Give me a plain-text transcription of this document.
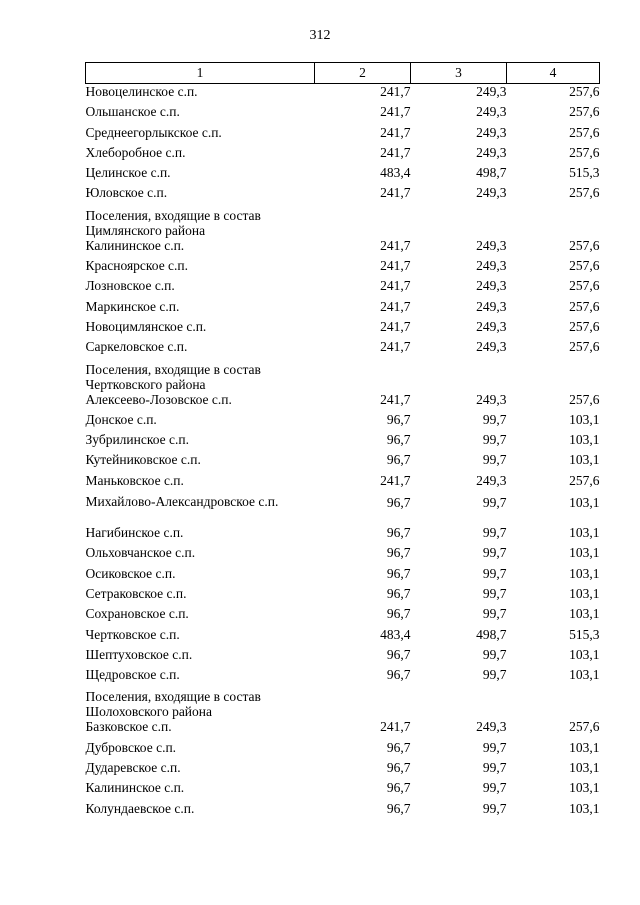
312
1	2	3	4
Новоцелинское с.п.	241,7	249,3	257,6
Ольшанское с.п.	241,7	249,3	257,6
Среднеегорлыкское с.п.	241,7	249,3	257,6
Хлеборобное с.п.	241,7	249,3	257,6
Целинское с.п.	483,4	498,7	515,3
Юловское с.п.	241,7	249,3	257,6
Поселения, входящие в состав Цимлянского района			
Калининское с.п.	241,7	249,3	257,6
Красноярское с.п.	241,7	249,3	257,6
Лозновское с.п.	241,7	249,3	257,6
Маркинское с.п.	241,7	249,3	257,6
Новоцимлянское с.п.	241,7	249,3	257,6
Саркеловское с.п.	241,7	249,3	257,6
Поселения, входящие в состав Чертковского района			
Алексеево-Лозовское с.п.	241,7	249,3	257,6
Донское с.п.	96,7	99,7	103,1
Зубрилинское с.п.	96,7	99,7	103,1
Кутейниковское с.п.	96,7	99,7	103,1
Маньковское с.п.	241,7	249,3	257,6
Михайлово-Александровское с.п.	96,7	99,7	103,1
Нагибинское с.п.	96,7	99,7	103,1
Ольховчанское с.п.	96,7	99,7	103,1
Осиковское с.п.	96,7	99,7	103,1
Сетраковское с.п.	96,7	99,7	103,1
Сохрановское с.п.	96,7	99,7	103,1
Чертковское с.п.	483,4	498,7	515,3
Шептуховское с.п.	96,7	99,7	103,1
Щедровское с.п.	96,7	99,7	103,1
Поселения, входящие в состав Шолоховского района			
Базковское с.п.	241,7	249,3	257,6
Дубровское с.п.	96,7	99,7	103,1
Дударевское с.п.	96,7	99,7	103,1
Калининское с.п.	96,7	99,7	103,1
Колундаевское с.п.	96,7	99,7	103,1
